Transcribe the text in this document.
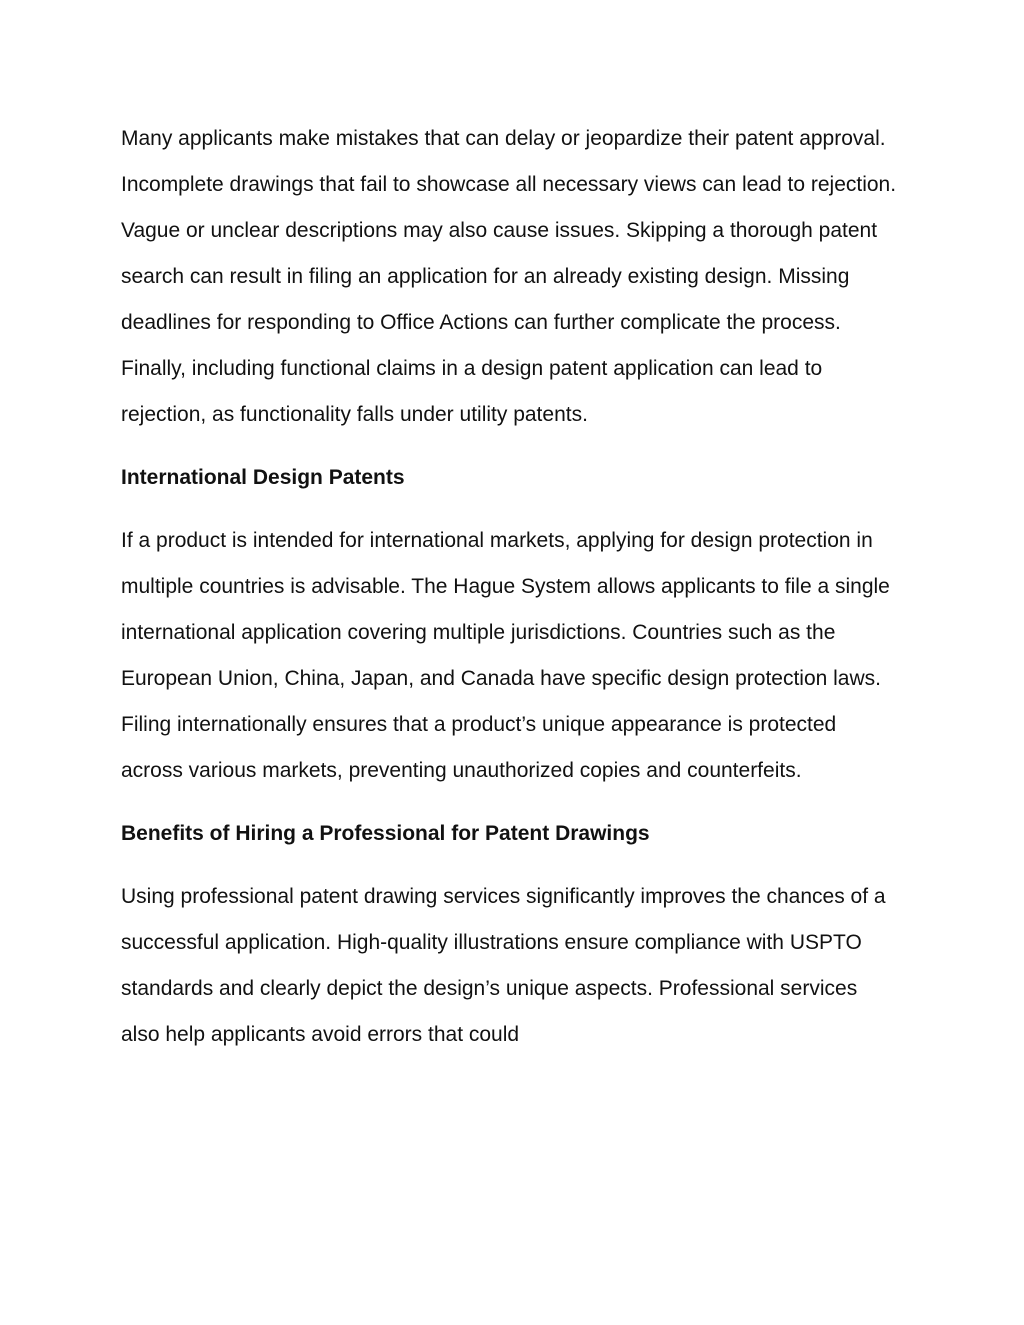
Many applicants make mistakes that can delay or jeopardize their patent approval. Incomplete drawings that fail to showcase all necessary views can lead to rejection. Vague or unclear descriptions may also cause issues. Skipping a thorough patent search can result in filing an application for an already existing design. Missing deadlines for responding to Office Actions can further complicate the process. Finally, including functional claims in a design patent application can lead to rejection, as functionality falls under utility patents.

International Design Patents

If a product is intended for international markets, applying for design protection in multiple countries is advisable. The Hague System allows applicants to file a single international application covering multiple jurisdictions. Countries such as the European Union, China, Japan, and Canada have specific design protection laws. Filing internationally ensures that a product’s unique appearance is protected across various markets, preventing unauthorized copies and counterfeits.

Benefits of Hiring a Professional for Patent Drawings

Using professional patent drawing services significantly improves the chances of a successful application. High-quality illustrations ensure compliance with USPTO standards and clearly depict the design’s unique aspects. Professional services also help applicants avoid errors that could
